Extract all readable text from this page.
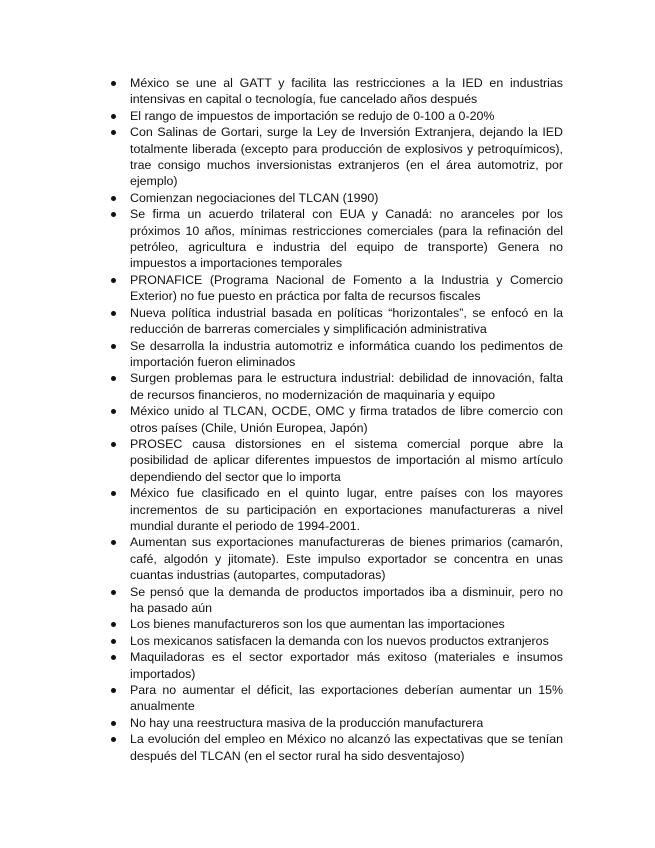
México se une al GATT y facilita las restricciones a la IED en industrias intensivas en capital o tecnología, fue cancelado años después
El rango de impuestos de importación se redujo de 0-100 a 0-20%
Con Salinas de Gortari, surge la Ley de Inversión Extranjera, dejando la IED totalmente liberada (excepto para producción de explosivos y petroquímicos), trae consigo muchos inversionistas extranjeros (en el área automotriz, por ejemplo)
Comienzan negociaciones del TLCAN (1990)
Se firma un acuerdo trilateral con EUA y Canadá: no aranceles por los próximos 10 años, mínimas restricciones comerciales (para la refinación del petróleo, agricultura e industria del equipo de transporte) Genera no impuestos a importaciones temporales
PRONAFICE (Programa Nacional de Fomento a la Industria y Comercio Exterior) no fue puesto en práctica por falta de recursos fiscales
Nueva política industrial basada en políticas “horizontales”, se enfocó en la reducción de barreras comerciales y simplificación administrativa
Se desarrolla la industria automotriz e informática cuando los pedimentos de importación fueron eliminados
Surgen problemas para le estructura industrial: debilidad de innovación, falta de recursos financieros, no modernización de maquinaria y equipo
México unido al TLCAN, OCDE, OMC y firma tratados de libre comercio con otros países (Chile, Unión Europea, Japón)
PROSEC causa distorsiones en el sistema comercial porque abre la posibilidad de aplicar diferentes impuestos de importación al mismo artículo dependiendo del sector que lo importa
México fue clasificado en el quinto lugar, entre países con los mayores incrementos de su participación en exportaciones manufactureras a nivel mundial durante el periodo de 1994-2001.
Aumentan sus exportaciones manufactureras de bienes primarios (camarón, café, algodón y jitomate). Este impulso exportador se concentra en unas cuantas industrias (autopartes, computadoras)
Se pensó que la demanda de productos importados iba a disminuir, pero no ha pasado aún
Los bienes manufactureros son los que aumentan las importaciones
Los mexicanos satisfacen la demanda con los nuevos productos extranjeros
Maquiladoras es el sector exportador más exitoso (materiales e insumos importados)
Para no aumentar el déficit, las exportaciones deberían aumentar un 15% anualmente
No hay una reestructura masiva de la producción manufacturera
La evolución del empleo en México no alcanzó las expectativas que se tenían después del TLCAN (en el sector rural ha sido desventajoso)
